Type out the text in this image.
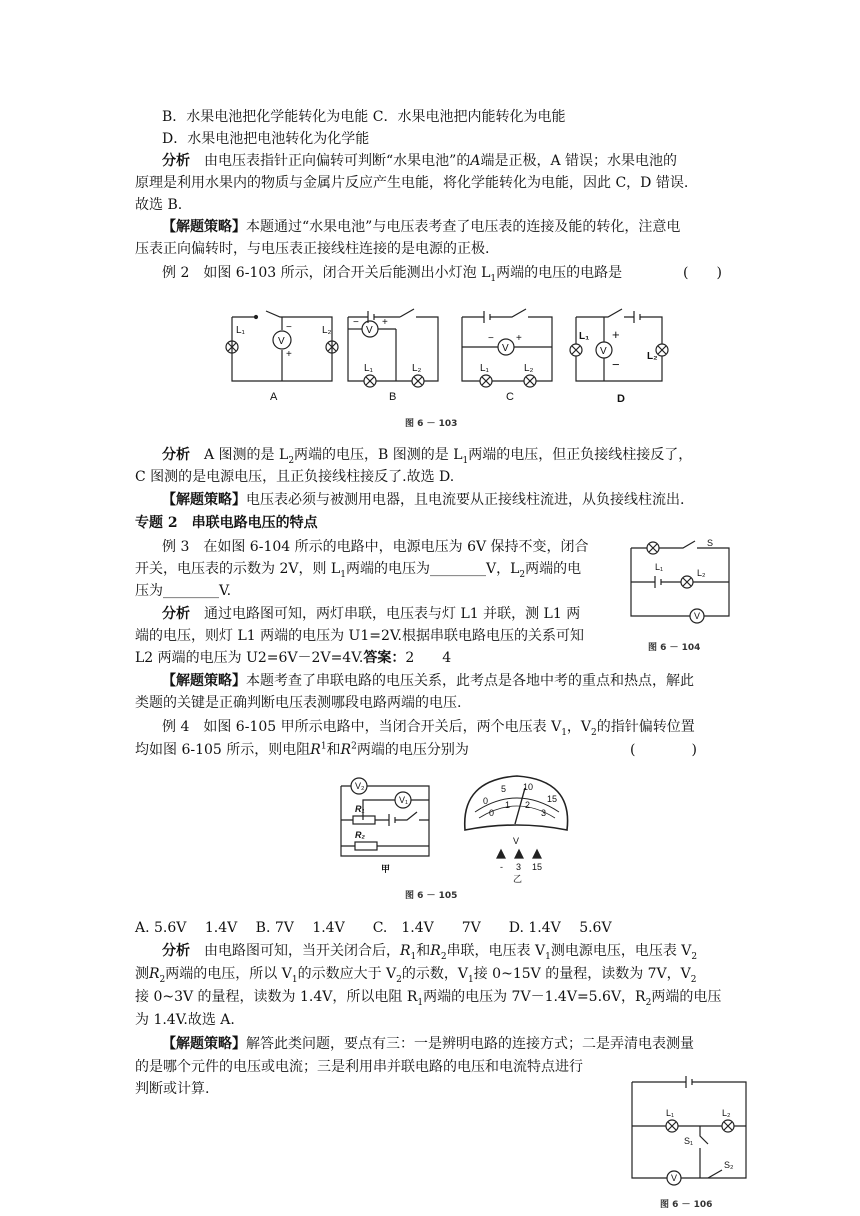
B．水果电池把化学能转化为电能 C．水果电池把内能转化为电能
D．水果电池把电池转化为化学能
分析　 由电压表指针正向偏转可判断“水果电池”的A端是正极，A 错误；水果电池的
原理是利用水果内的物质与金属片反应产生电能，将化学能转化为电能，因此 C，D 错误.
故选 B.
【解题策略】本题通过“水果电池”与电压表考查了电压表的连接及能的转化，注意电
压表正向偏转时，与电压表正接线柱连接的是电源的正极.
例 2　如图 6-103 所示，闭合开关后能测出小灯泡 $L_1$两端的电压的电路是	(　　)
L₁	L₂
V
−
+
V
− +
L₁	L₂
V
− +
L₁	L₂
V
+
−
L₁
L₂
A	B	C	D
图 6 － 103
分析　 A 图测的是 $L_2$两端的电压，B 图测的是 $L_1$两端的电压，但正负接线柱接反了，
C 图测的是电源电压，且正负接线柱接反了.故选 D.
【解题策略】电压表必须与被测用电器，且电流要从正接线柱流进，从负接线柱流出.
专题 2　串联电路电压的特点
例 3　在如图 6-104 所示的电路中，电源电压为 6V 保持不变，闭合
开关，电压表的示数为 2V，则 $L_1$两端的电压为________V，$L_2$两端的电
压为________V.
分析　 通过电路图可知，两灯串联，电压表与灯 L1 并联，测 L1 两
端的电压，则灯 L1 两端的电压为 U1=2V.根据串联电路电压的关系可知
L2 两端的电压为 U2=6V－2V=4V.答案：2　　4
S
L₁
L₂
V
图 6 － 104
【解题策略】本题考查了串联电路的电压关系，此考点是各地中考的重点和热点，解此
类题的关键是正确判断电压表测哪段电路两端的电压.
例 4　如图 6-105 甲所示电路中，当闭合开关后，两个电压表 $V_1$，$V_2$的指针偏转位置
均如图 6-105 所示，则电阻$R^1$和$R^2$两端的电压分别为	(　　　　)
V₂
V₁
R₁
R₂
0
5 10
15
0
1 2
3
V
- 3 15
甲
乙
图 6 － 105
A. 5.6V　 1.4V　 B. 7V　 1.4V　　C.　1.4V　　7V　　D. 1.4V　 5.6V
分析　 由电路图可知，当开关闭合后，$R_1$和$R_2$串联，电压表 $V_1$测电源电压，电压表 $V_2$
测$R_2$两端的电压，所以 $V_1$的示数应大于 $V_2$的示数，$V_1$接 0~15V 的量程，读数为 7V，$V_2$
接 0~3V 的量程，读数为 1.4V，所以电阻 $R_1$两端的电压为 7V－1.4V=5.6V，$R_2$两端的电压
为 1.4V.故选 A.
【解题策略】解答此类问题，要点有三：一是辨明电路的连接方式；二是弄清电表测量
的是哪个元件的电压或电流；三是利用串并联电路的电压和电流特点进行
判断或计算.
L₁	L₂
S₁
S₂
V
图 6 － 106
